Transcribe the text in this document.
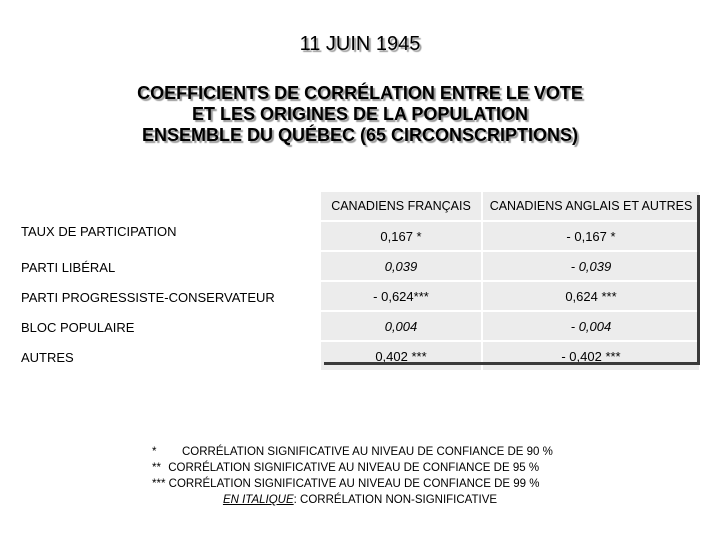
11 JUIN 1945
COEFFICIENTS DE CORRÉLATION ENTRE LE VOTE
ET LES ORIGINES DE LA POPULATION
ENSEMBLE DU QUÉBEC (65 CIRCONSCRIPTIONS)
	CANADIENS FRANÇAIS	CANADIENS ANGLAIS ET AUTRES
TAUX DE PARTICIPATION	0,167 *	- 0,167 *
PARTI LIBÉRAL	0,039	- 0,039
PARTI PROGRESSISTE-CONSERVATEUR	- 0,624***	0,624 ***
BLOC POPULAIRE	0,004	- 0,004
AUTRES	0,402 ***	- 0,402 ***
* CORRÉLATION SIGNIFICATIVE AU NIVEAU DE CONFIANCE DE 90 %
** CORRÉLATION SIGNIFICATIVE AU NIVEAU DE CONFIANCE DE 95 %
*** CORRÉLATION SIGNIFICATIVE AU NIVEAU DE CONFIANCE DE 99 %
EN ITALIQUE: CORRÉLATION NON-SIGNIFICATIVE
